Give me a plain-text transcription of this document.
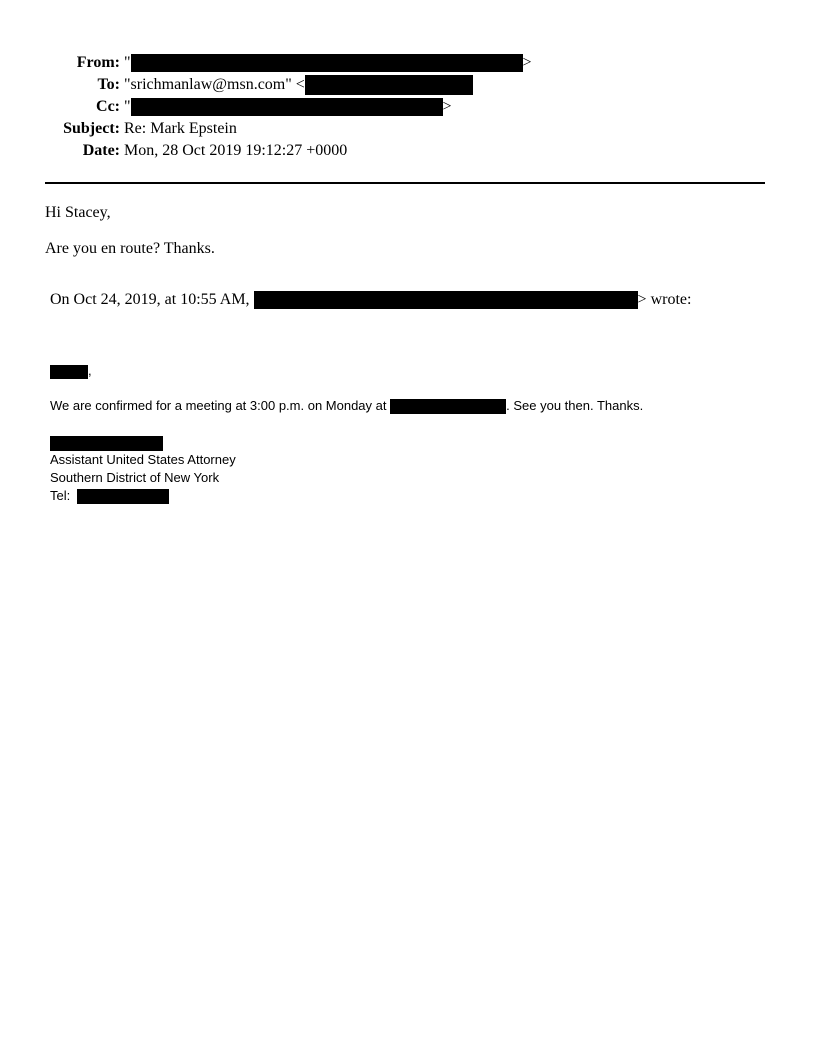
From: "	>
To: "srichmanlaw@msn.com" <
Cc: "	>
Subject: Re: Mark Epstein
Date: Mon, 28 Oct 2019 19:12:27 +0000
Hi Stacey,
Are you en route? Thanks.
On Oct 24, 2019, at 10:55 AM,	> wrote:
,
We are confirmed for a meeting at 3:00 p.m. on Monday at	. See you then. Thanks.
Assistant United States Attorney
Southern District of New York
Tel:
